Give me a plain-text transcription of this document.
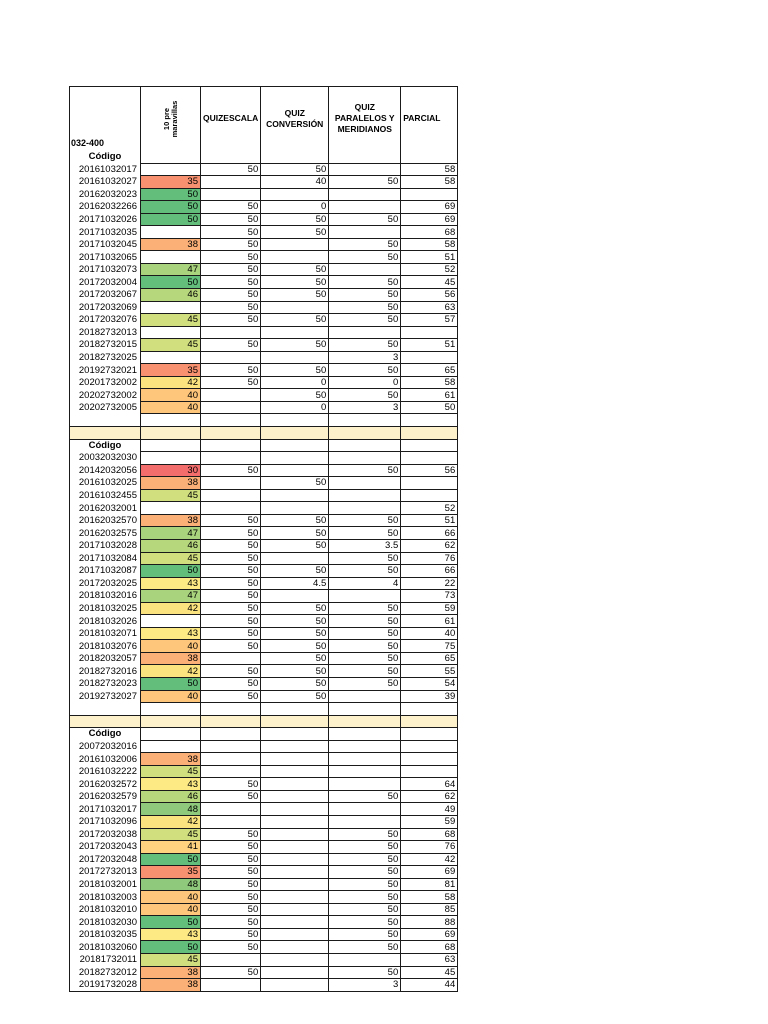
032-400	10 pre maravillas	QUIZESCALA	QUIZ CONVERSIÓN	QUIZ PARALELOS Y MERIDIANOS	PARCIAL
Código					
20161032017		50	50		58
20161032027	35		40	50	58
20162032023	50				
20162032266	50	50	0		69
20171032026	50	50	50	50	69
20171032035		50	50		68
20171032045	38	50		50	58
20171032065		50		50	51
20171032073	47	50	50		52
20172032004	50	50	50	50	45
20172032067	46	50	50	50	56
20172032069		50		50	63
20172032076	45	50	50	50	57
20182732013					
20182732015	45	50	50	50	51
20182732025				3	
20192732021	35	50	50	50	65
20201732002	42	50	0	0	58
20202732002	40		50	50	61
20202732005	40		0	3	50

Código					
20032032030					
20142032056	30	50		50	56
20161032025	38		50		
20161032455	45				
20162032001					52
20162032570	38	50	50	50	51
20162032575	47	50	50	50	66
20171032028	46	50	50	3.5	62
20171032084	45	50		50	76
20171032087	50	50	50	50	66
20172032025	43	50	4.5	4	22
20181032016	47	50			73
20181032025	42	50	50	50	59
20181032026		50	50	50	61
20181032071	43	50	50	50	40
20181032076	40	50	50	50	75
20182032057	38		50	50	65
20182732016	42	50	50	50	55
20182732023	50	50	50	50	54
20192732027	40	50	50		39

Código					
20072032016					
20161032006	38				
20161032222	45				
20162032572	43	50			64
20162032579	46	50		50	62
20171032017	48				49
20171032096	42				59
20172032038	45	50		50	68
20172032043	41	50		50	76
20172032048	50	50		50	42
20172732013	35	50		50	69
20181032001	48	50		50	81
20181032003	40	50		50	58
20181032010	40	50		50	85
20181032030	50	50		50	88
20181032035	43	50		50	69
20181032060	50	50		50	68
20181732011	45				63
20182732012	38	50		50	45
20191732028	38			3	44
